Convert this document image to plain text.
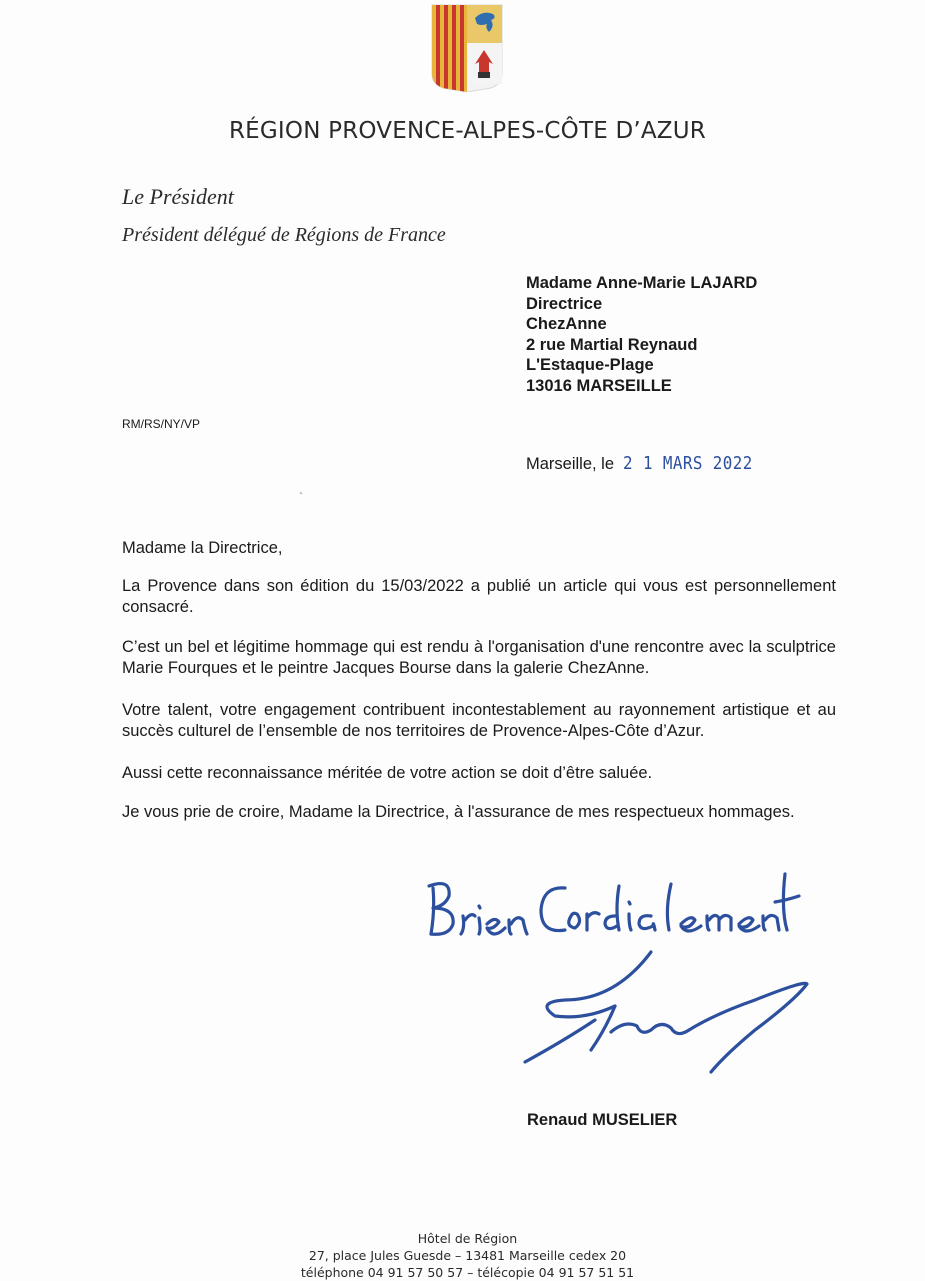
RÉGION PROVENCE-ALPES-CÔTE D’AZUR
Le Président
Président délégué de Régions de France
Madame Anne-Marie LAJARD
Directrice
ChezAnne
2 rue Martial Reynaud
L'Estaque-Plage
13016 MARSEILLE
RM/RS/NY/VP
Marseille, le 2 1 MARS 2022
˛

Madame la Directrice,

La Provence dans son édition du 15/03/2022 a publié un article qui vous est personnellement consacré.

C’est un bel et légitime hommage qui est rendu à l'organisation d'une rencontre avec la sculptrice Marie Fourques et le peintre Jacques Bourse dans la galerie ChezAnne.

Votre talent, votre engagement contribuent incontestablement au rayonnement artistique et au succès culturel de l’ensemble de nos territoires de Provence-Alpes-Côte d’Azur.

Aussi cette reconnaissance méritée de votre action se doit d’être saluée.

Je vous prie de croire, Madame la Directrice, à l'assurance de mes respectueux hommages.

Renaud MUSELIER
Hôtel de Région
27, place Jules Guesde – 13481 Marseille cedex 20
téléphone 04 91 57 50 57 – télécopie 04 91 57 51 51
